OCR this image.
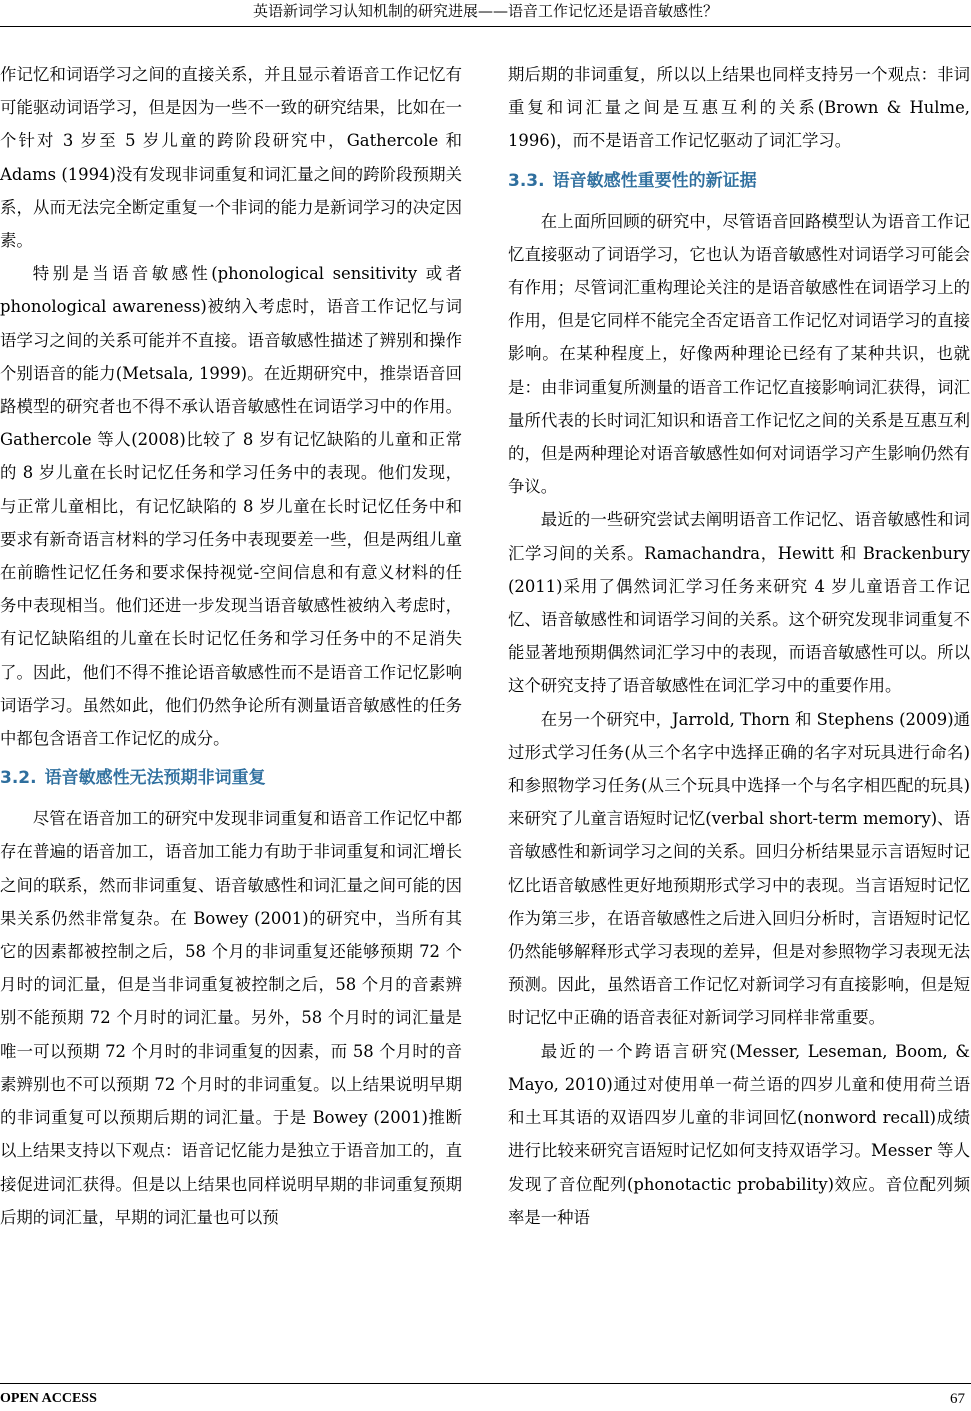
英语新词学习认知机制的研究进展——语音工作记忆还是语音敏感性？

作记忆和词语学习之间的直接关系，并且显示着语音工作记忆有可能驱动词语学习，但是因为一些不一致的研究结果，比如在一个针对 3 岁至 5 岁儿童的跨阶段研究中，Gathercole 和 Adams (1994)没有发现非词重复和词汇量之间的跨阶段预期关系，从而无法完全断定重复一个非词的能力是新词学习的决定因素。

特别是当语音敏感性(phonological sensitivity 或者 phonological awareness)被纳入考虑时，语音工作记忆与词语学习之间的关系可能并不直接。语音敏感性描述了辨别和操作个别语音的能力(Metsala, 1999)。在近期研究中，推崇语音回路模型的研究者也不得不承认语音敏感性在词语学习中的作用。Gathercole 等人(2008)比较了 8 岁有记忆缺陷的儿童和正常的 8 岁儿童在长时记忆任务和学习任务中的表现。他们发现，与正常儿童相比，有记忆缺陷的 8 岁儿童在长时记忆任务中和要求有新奇语言材料的学习任务中表现要差一些，但是两组儿童在前瞻性记忆任务和要求保持视觉-空间信息和有意义材料的任务中表现相当。他们还进一步发现当语音敏感性被纳入考虑时，有记忆缺陷组的儿童在长时记忆任务和学习任务中的不足消失了。因此，他们不得不推论语音敏感性而不是语音工作记忆影响词语学习。虽然如此，他们仍然争论所有测量语音敏感性的任务中都包含语音工作记忆的成分。

3.2. 语音敏感性无法预期非词重复

尽管在语音加工的研究中发现非词重复和语音工作记忆中都存在普遍的语音加工，语音加工能力有助于非词重复和词汇增长之间的联系，然而非词重复、语音敏感性和词汇量之间可能的因果关系仍然非常复杂。在 Bowey (2001)的研究中，当所有其它的因素都被控制之后，58 个月的非词重复还能够预期 72 个月时的词汇量，但是当非词重复被控制之后，58 个月的音素辨别不能预期 72 个月时的词汇量。另外，58 个月时的词汇量是唯一可以预期 72 个月时的非词重复的因素，而 58 个月时的音素辨别也不可以预期 72 个月时的非词重复。以上结果说明早期的非词重复可以预期后期的词汇量。于是 Bowey (2001)推断以上结果支持以下观点：语音记忆能力是独立于语音加工的，直接促进词汇获得。但是以上结果也同样说明早期的非词重复预期后期的词汇量，早期的词汇量也可以预

期后期的非词重复，所以以上结果也同样支持另一个观点：非词重复和词汇量之间是互惠互利的关系(Brown & Hulme, 1996)，而不是语音工作记忆驱动了词汇学习。

3.3. 语音敏感性重要性的新证据

在上面所回顾的研究中，尽管语音回路模型认为语音工作记忆直接驱动了词语学习，它也认为语音敏感性对词语学习可能会有作用；尽管词汇重构理论关注的是语音敏感性在词语学习上的作用，但是它同样不能完全否定语音工作记忆对词语学习的直接影响。在某种程度上，好像两种理论已经有了某种共识，也就是：由非词重复所测量的语音工作记忆直接影响词汇获得，词汇量所代表的长时词汇知识和语音工作记忆之间的关系是互惠互利的，但是两种理论对语音敏感性如何对词语学习产生影响仍然有争议。

最近的一些研究尝试去阐明语音工作记忆、语音敏感性和词汇学习间的关系。Ramachandra，Hewitt 和 Brackenbury (2011)采用了偶然词汇学习任务来研究 4 岁儿童语音工作记忆、语音敏感性和词语学习间的关系。这个研究发现非词重复不能显著地预期偶然词汇学习中的表现，而语音敏感性可以。所以这个研究支持了语音敏感性在词汇学习中的重要作用。

在另一个研究中，Jarrold, Thorn 和 Stephens (2009)通过形式学习任务(从三个名字中选择正确的名字对玩具进行命名)和参照物学习任务(从三个玩具中选择一个与名字相匹配的玩具)来研究了儿童言语短时记忆(verbal short-term memory)、语音敏感性和新词学习之间的关系。回归分析结果显示言语短时记忆比语音敏感性更好地预期形式学习中的表现。当言语短时记忆作为第三步，在语音敏感性之后进入回归分析时，言语短时记忆仍然能够解释形式学习表现的差异，但是对参照物学习表现无法预测。因此，虽然语音工作记忆对新词学习有直接影响，但是短时记忆中正确的语音表征对新词学习同样非常重要。

最近的一个跨语言研究(Messer, Leseman, Boom, & Mayo, 2010)通过对使用单一荷兰语的四岁儿童和使用荷兰语和土耳其语的双语四岁儿童的非词回忆(nonword recall)成绩进行比较来研究言语短时记忆如何支持双语学习。Messer 等人发现了音位配列(phonotactic probability)效应。音位配列频率是一种语

OPEN ACCESS	67
